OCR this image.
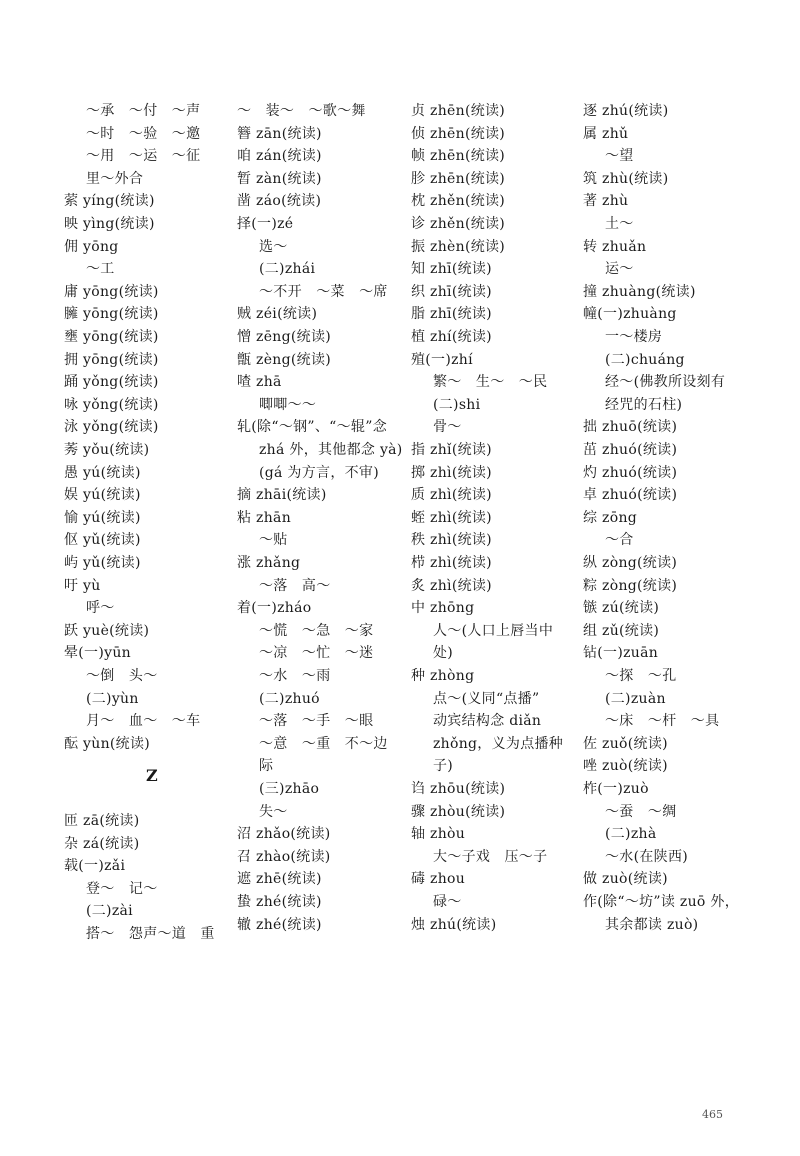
～承　～付　～声
～时　～验　～邀
～用　～运　～征
里～外合
萦 yíng(统读)
映 yìng(统读)
佣 yōng
～工
庸 yōng(统读)
臃 yōng(统读)
壅 yōng(统读)
拥 yōng(统读)
踊 yǒng(统读)
咏 yǒng(统读)
泳 yǒng(统读)
莠 yǒu(统读)
愚 yú(统读)
娱 yú(统读)
愉 yú(统读)
伛 yǔ(统读)
屿 yǔ(统读)
吁 yù
呼～
跃 yuè(统读)
晕(一)yūn
～倒　头～
(二)yùn
月～　血～　～车
酝 yùn(统读)
匝 zā(统读)
杂 zá(统读)
载(一)zǎi
登～　记～
(二)zài
搭～　怨声～道　重
～　装～　～歌～舞
簪 zān(统读)
咱 zán(统读)
暂 zàn(统读)
凿 záo(统读)
择(一)zé
选～
(二)zhái
～不开　～菜　～席
贼 zéi(统读)
憎 zēng(统读)
甑 zèng(统读)
喳 zhā
唧唧～～
轧(除“～钢”、“～辊”念
zhá 外，其他都念 yà)
(gá 为方言，不审)
摘 zhāi(统读)
粘 zhān
～贴
涨 zhǎng
～落　高～
着(一)zháo
～慌　～急　～家
～凉　～忙　～迷
～水　～雨
(二)zhuó
～落　～手　～眼
～意　～重　不～边
际
(三)zhāo
失～
沼 zhǎo(统读)
召 zhào(统读)
遮 zhē(统读)
蛰 zhé(统读)
辙 zhé(统读)
贞 zhēn(统读)
侦 zhēn(统读)
帧 zhēn(统读)
胗 zhēn(统读)
枕 zhěn(统读)
诊 zhěn(统读)
振 zhèn(统读)
知 zhī(统读)
织 zhī(统读)
脂 zhī(统读)
植 zhí(统读)
殖(一)zhí
繁～　生～　～民
(二)shi
骨～
指 zhǐ(统读)
掷 zhì(统读)
质 zhì(统读)
蛭 zhì(统读)
秩 zhì(统读)
栉 zhì(统读)
炙 zhì(统读)
中 zhōng
人～(人口上唇当中
处)
种 zhòng
点～(义同“点播”
动宾结构念 diǎn
zhǒng，义为点播种
子)
诌 zhōu(统读)
骤 zhòu(统读)
轴 zhòu
大～子戏　压～子
碡 zhou
碌～
烛 zhú(统读)
逐 zhú(统读)
属 zhǔ
～望
筑 zhù(统读)
著 zhù
土～
转 zhuǎn
运～
撞 zhuàng(统读)
幢(一)zhuàng
一～楼房
(二)chuáng
经～(佛教所设刻有
经咒的石柱)
拙 zhuō(统读)
茁 zhuó(统读)
灼 zhuó(统读)
卓 zhuó(统读)
综 zōng
～合
纵 zòng(统读)
粽 zòng(统读)
镞 zú(统读)
组 zǔ(统读)
钻(一)zuān
～探　～孔
(二)zuàn
～床　～杆　～具
佐 zuǒ(统读)
唑 zuò(统读)
柞(一)zuò
～蚕　～绸
(二)zhà
～水(在陕西)
做 zuò(统读)
作(除“～坊”读 zuō 外，
其余都读 zuò)
Z
465
